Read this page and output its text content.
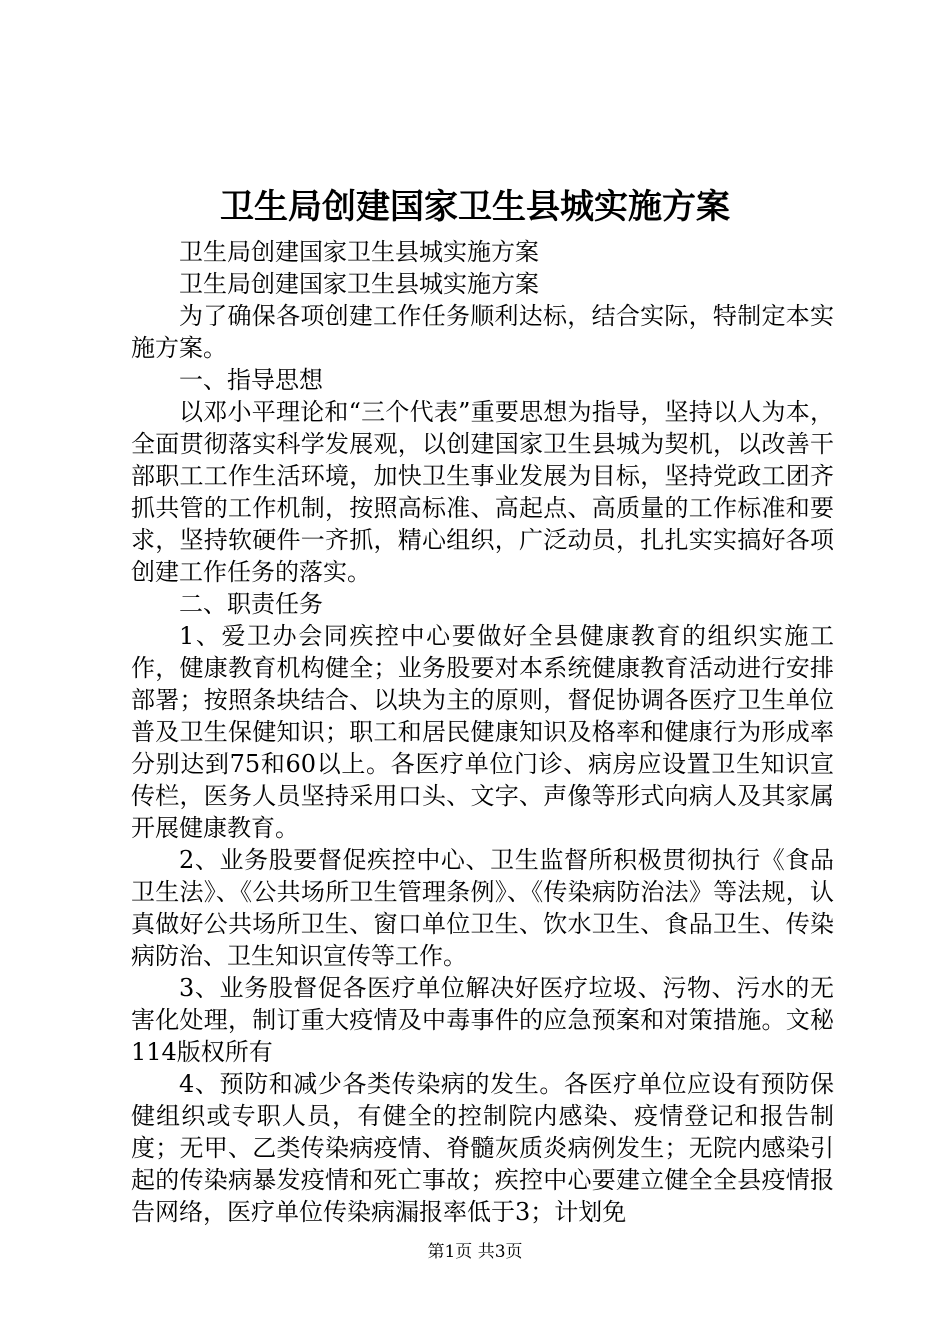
卫生局创建国家卫生县城实施方案

卫生局创建国家卫生县城实施方案

卫生局创建国家卫生县城实施方案

为了确保各项创建工作任务顺利达标，结合实际，特制定本实施方案。

一、指导思想

以邓小平理论和“三个代表”重要思想为指导，坚持以人为本，全面贯彻落实科学发展观，以创建国家卫生县城为契机，以改善干部职工工作生活环境，加快卫生事业发展为目标，坚持党政工团齐抓共管的工作机制，按照高标准、高起点、高质量的工作标准和要求，坚持软硬件一齐抓，精心组织，广泛动员，扎扎实实搞好各项创建工作任务的落实。

二、职责任务

1、爱卫办会同疾控中心要做好全县健康教育的组织实施工作，健康教育机构健全；业务股要对本系统健康教育活动进行安排部署；按照条块结合、以块为主的原则，督促协调各医疗卫生单位普及卫生保健知识；职工和居民健康知识及格率和健康行为形成率分别达到75和60以上。各医疗单位门诊、病房应设置卫生知识宣传栏，医务人员坚持采用口头、文字、声像等形式向病人及其家属开展健康教育。

2、业务股要督促疾控中心、卫生监督所积极贯彻执行《食品卫生法》、《公共场所卫生管理条例》、《传染病防治法》等法规，认真做好公共场所卫生、窗口单位卫生、饮水卫生、食品卫生、传染病防治、卫生知识宣传等工作。

3、业务股督促各医疗单位解决好医疗垃圾、污物、污水的无害化处理，制订重大疫情及中毒事件的应急预案和对策措施。文秘114版权所有

4、预防和减少各类传染病的发生。各医疗单位应设有预防保健组织或专职人员，有健全的控制院内感染、疫情登记和报告制度；无甲、乙类传染病疫情、脊髓灰质炎病例发生；无院内感染引起的传染病暴发疫情和死亡事故；疾控中心要建立健全全县疫情报告网络，医疗单位传染病漏报率低于3；计划免

第1页 共3页
